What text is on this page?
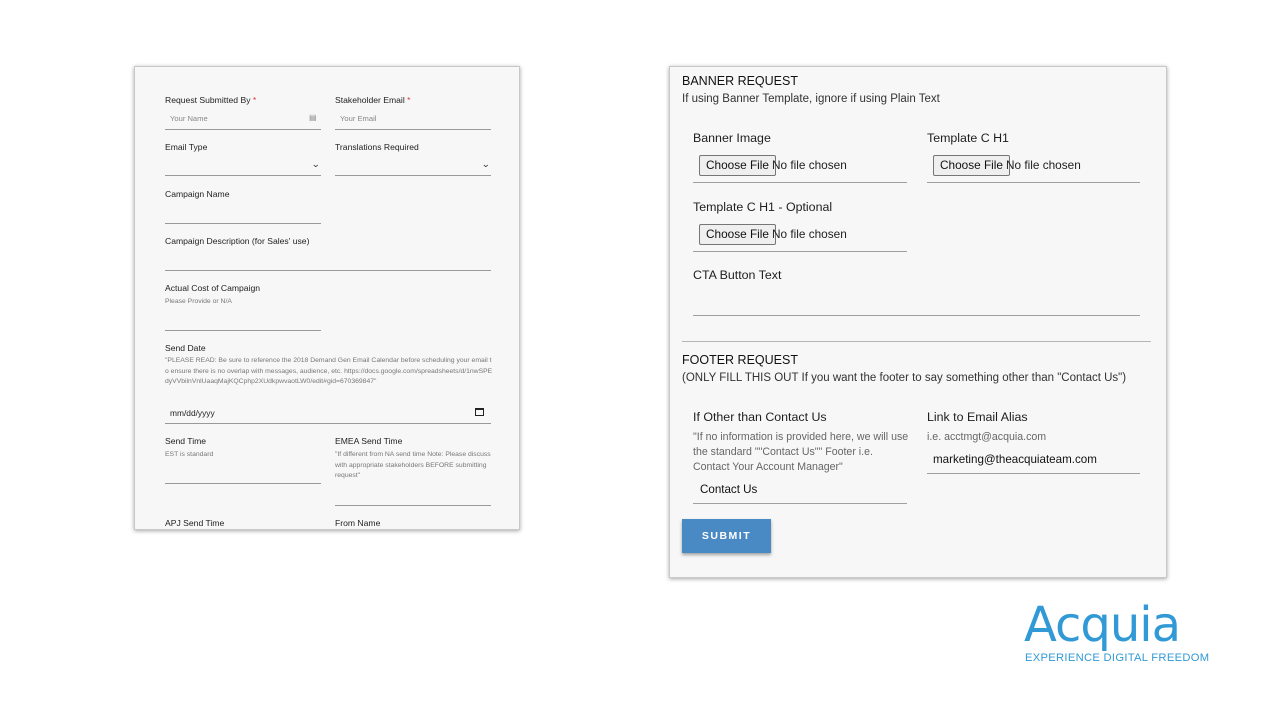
Request Submitted By *
Your Name	▤
Stakeholder Email *
Your Email
Email Type
⌄
Translations Required
⌄
Campaign Name
Campaign Description (for Sales' use)
Actual Cost of Campaign
Please Provide or N/A
Send Date
"PLEASE READ: Be sure to reference the 2018 Demand Gen Email Calendar before scheduling your email to ensure there is no overlap with messages, audience, etc. https://docs.google.com/spreadsheets/d/1nwSPEdyVVbilnVnlUaaqMajKQCphp2XUdkpwvaotLW0/edit#gid=670369847"
mm/dd/yyyy
Send Time
EST is standard
EMEA Send Time
"If different from NA send time Note: Please discuss with appropriate stakeholders BEFORE submitting request"
APJ Send Time	From Name
BANNER REQUEST
If using Banner Template, ignore if using Plain Text
Banner Image
Choose File No file chosen
Template C H1
Choose File No file chosen
Template C H1 - Optional
Choose File No file chosen
CTA Button Text
FOOTER REQUEST
(ONLY FILL THIS OUT If you want the footer to say something other than "Contact Us")
If Other than Contact Us
"If no information is provided here, we will use the standard ""Contact Us"" Footer i.e. Contact Your Account Manager"
Contact Us
Link to Email Alias
i.e. acctmgt@acquia.com
marketing@theacquiateam.com
SUBMIT
Acquia
EXPERIENCE DIGITAL FREEDOM
